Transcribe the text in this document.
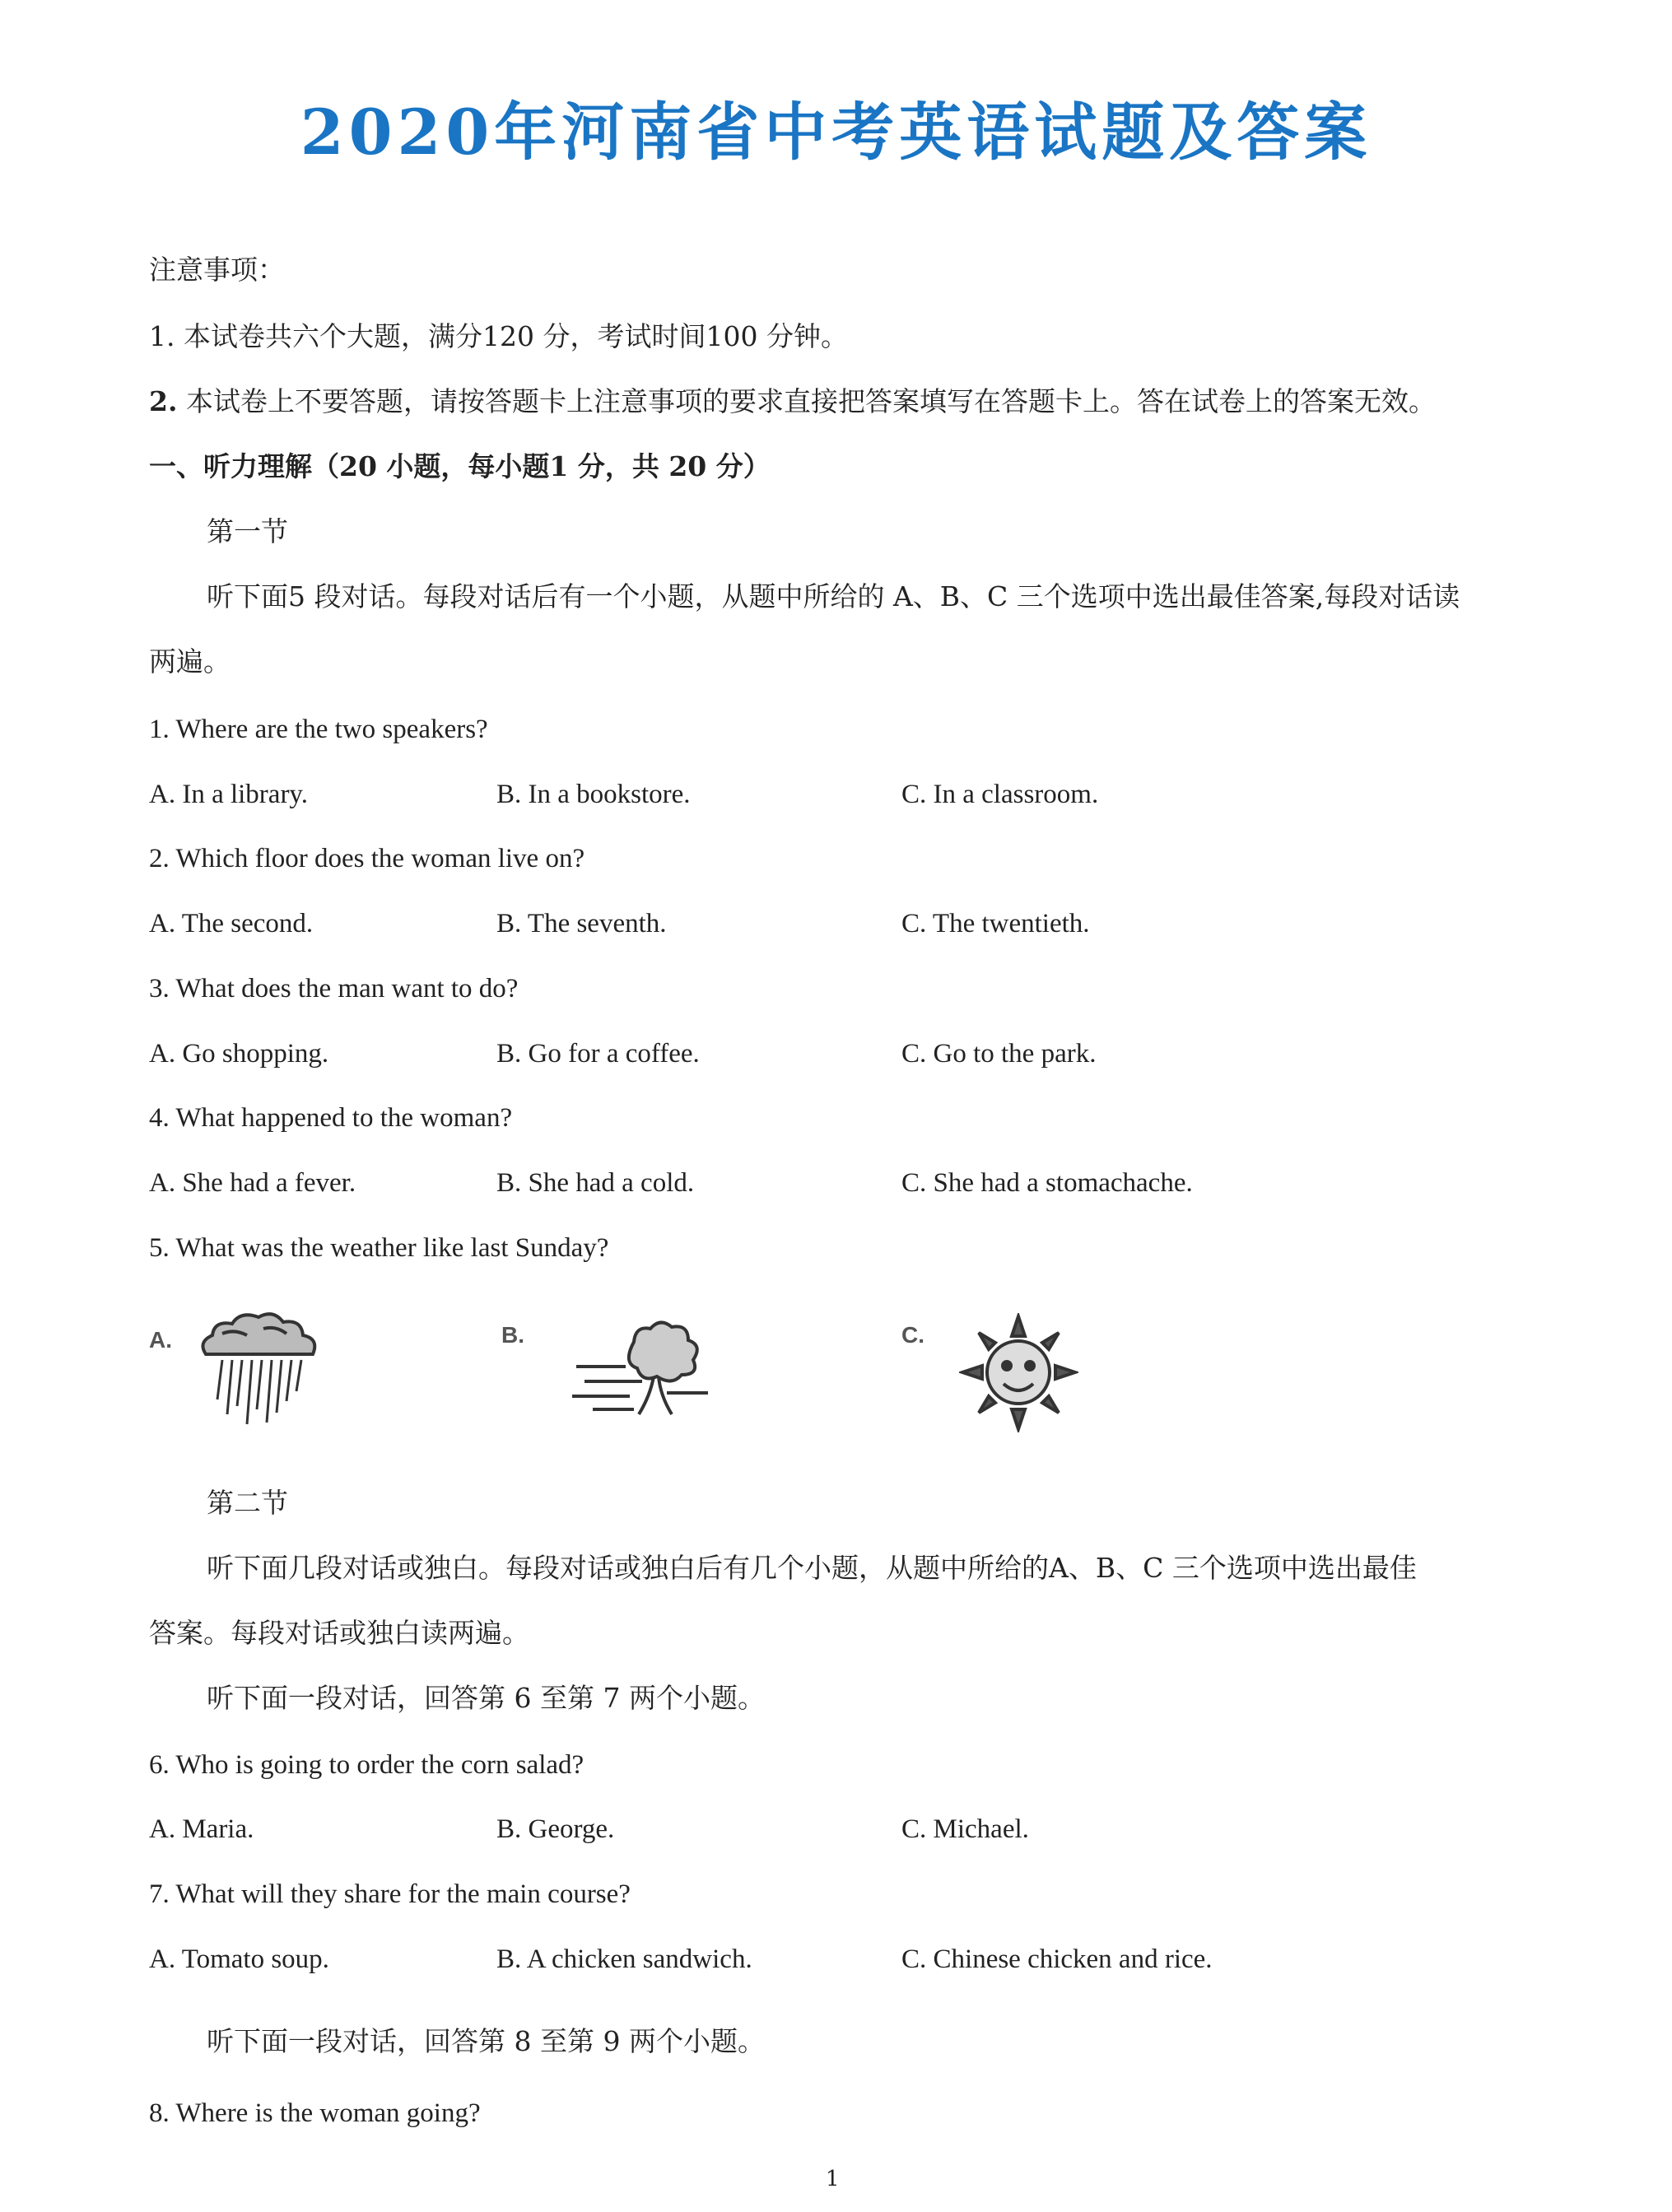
2020年河南省中考英语试题及答案
注意事项：
1. 本试卷共六个大题，满分120 分，考试时间100 分钟。
2. 本试卷上不要答题，请按答题卡上注意事项的要求直接把答案填写在答题卡上。答在试卷上的答案无效。
一、听力理解（20 小题，每小题1 分，共 20 分）
第一节
听下面5 段对话。每段对话后有一个小题，从题中所给的 A、B、C 三个选项中选出最佳答案,每段对话读
两遍。
1. Where are the two speakers?
A. In a library.	B. In a bookstore.	C. In a classroom.
2. Which floor does the woman live on?
A. The second.	B. The seventh.	C. The twentieth.
3. What does the man want to do?
A. Go shopping.	B. Go for a coffee.	C. Go to the park.
4. What happened to the woman?
A. She had a fever.	B. She had a cold.	C. She had a stomachache.
5. What was the weather like last Sunday?
A.	B.	C.
第二节
听下面几段对话或独白。每段对话或独白后有几个小题，从题中所给的A、B、C 三个选项中选出最佳
答案。每段对话或独白读两遍。
听下面一段对话，回答第 6 至第 7 两个小题。
6. Who is going to order the corn salad?
A. Maria.	B. George.	C. Michael.
7. What will they share for the main course?
A. Tomato soup.	B. A chicken sandwich.	C. Chinese chicken and rice.
听下面一段对话，回答第 8 至第 9 两个小题。
8. Where is the woman going?
1
